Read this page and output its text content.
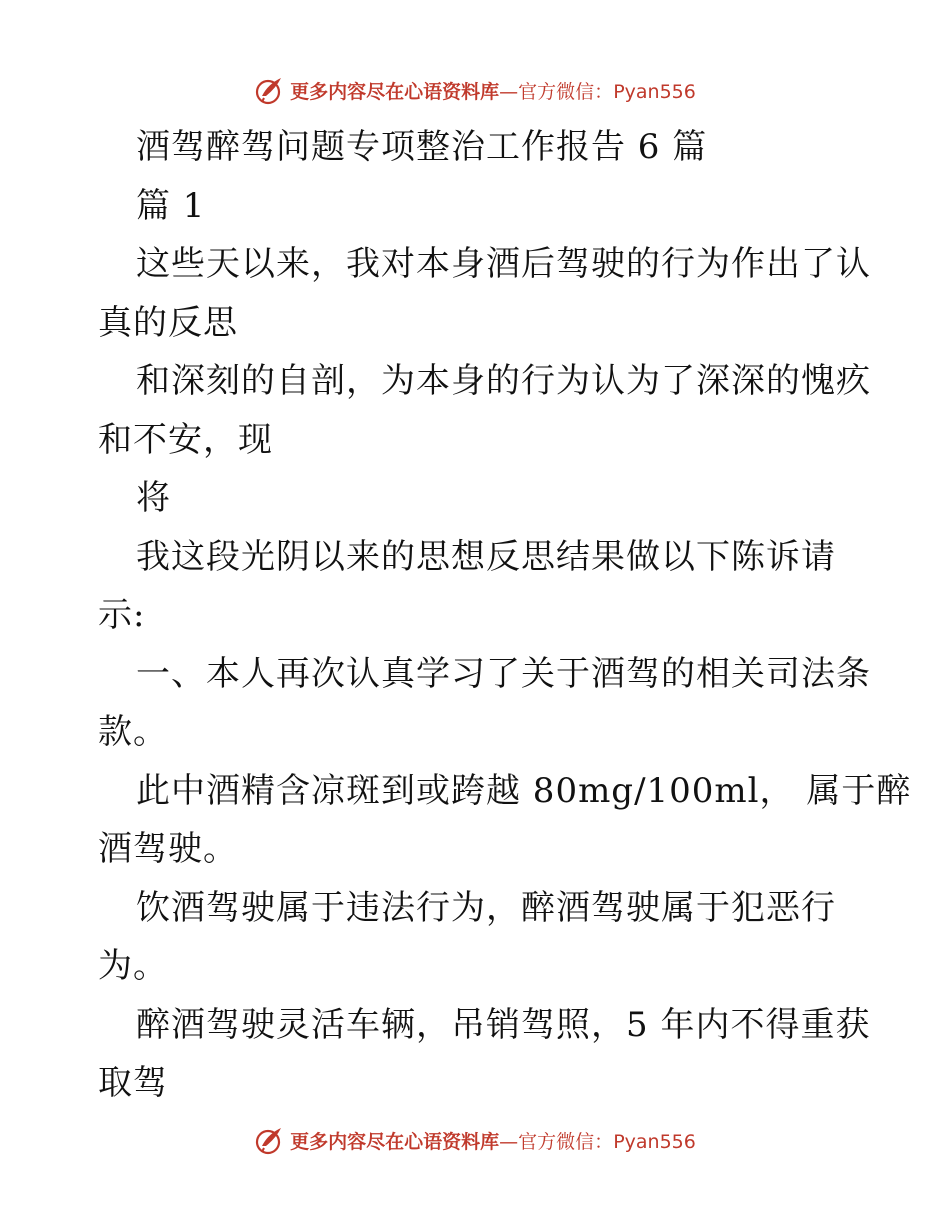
更多内容尽在心语资料库—官方微信：Pyan556
酒驾醉驾问题专项整治工作报告 6 篇
篇 1
这些天以来，我对本身酒后驾驶的行为作出了认
真的反思
和深刻的自剖，为本身的行为认为了深深的愧疚
和不安，现
将
我这段光阴以来的思想反思结果做以下陈诉请
示:
一、本人再次认真学习了关于酒驾的相关司法条
款。
此中酒精含凉斑到或跨越 80mg/100ml， 属于醉
酒驾驶。
饮酒驾驶属于违法行为，醉酒驾驶属于犯恶行
为。
醉酒驾驶灵活车辆，吊销驾照，5 年内不得重获
取驾
更多内容尽在心语资料库—官方微信：Pyan556
